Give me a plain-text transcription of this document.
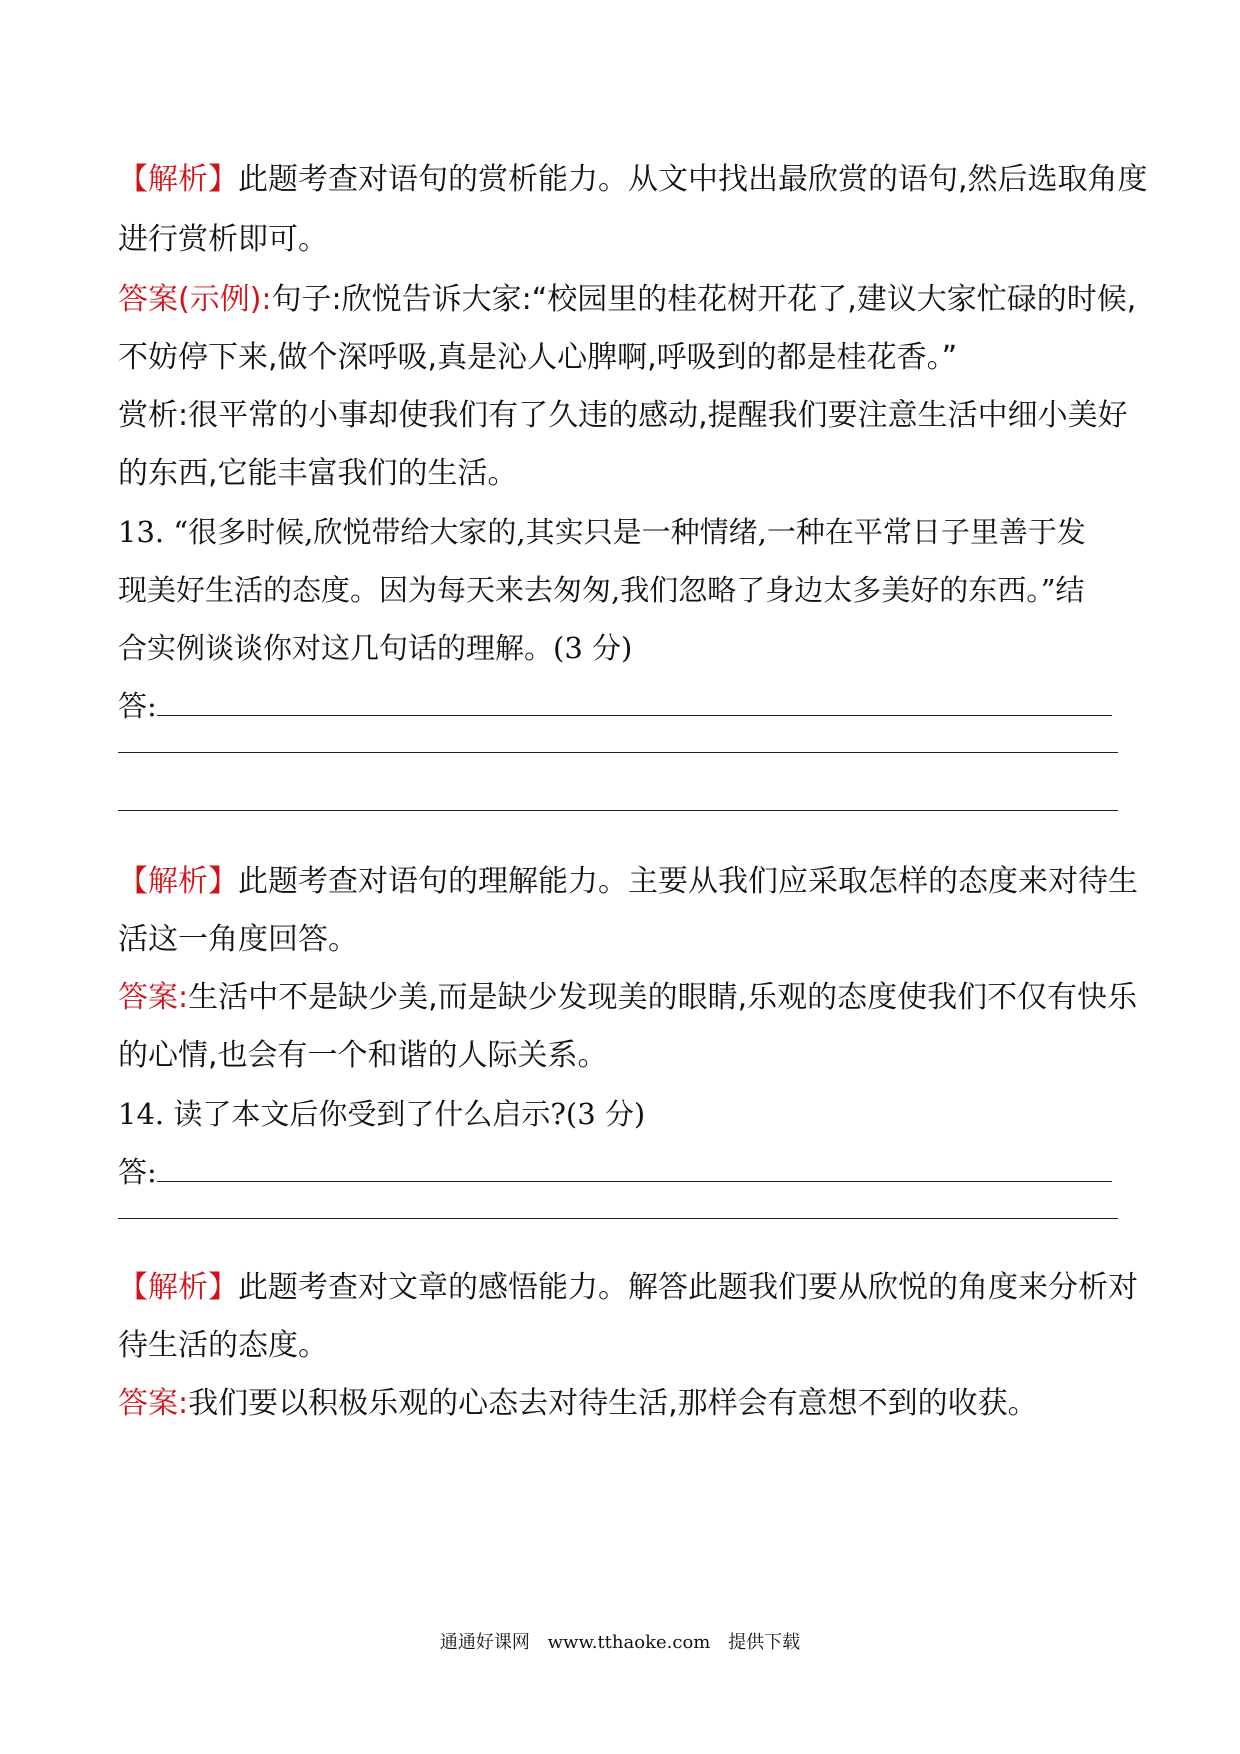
【解析】此题考查对语句的赏析能力。从文中找出最欣赏的语句,然后选取角度
进行赏析即可。
答案(示例):句子:欣悦告诉大家:“校园里的桂花树开花了,建议大家忙碌的时候,
不妨停下来,做个深呼吸,真是沁人心脾啊,呼吸到的都是桂花香。”
赏析:很平常的小事却使我们有了久违的感动,提醒我们要注意生活中细小美好
的东西,它能丰富我们的生活。
13. “很多时候,欣悦带给大家的,其实只是一种情绪,一种在平常日子里善于发
现美好生活的态度。因为每天来去匆匆,我们忽略了身边太多美好的东西。”结
合实例谈谈你对这几句话的理解。(3 分)
答:
【解析】此题考查对语句的理解能力。主要从我们应采取怎样的态度来对待生
活这一角度回答。
答案:生活中不是缺少美,而是缺少发现美的眼睛,乐观的态度使我们不仅有快乐
的心情,也会有一个和谐的人际关系。
14. 读了本文后你受到了什么启示?(3 分)
答:
【解析】此题考查对文章的感悟能力。解答此题我们要从欣悦的角度来分析对
待生活的态度。
答案:我们要以积极乐观的心态去对待生活,那样会有意想不到的收获。
通通好课网 www.tthaoke.com 提供下载
